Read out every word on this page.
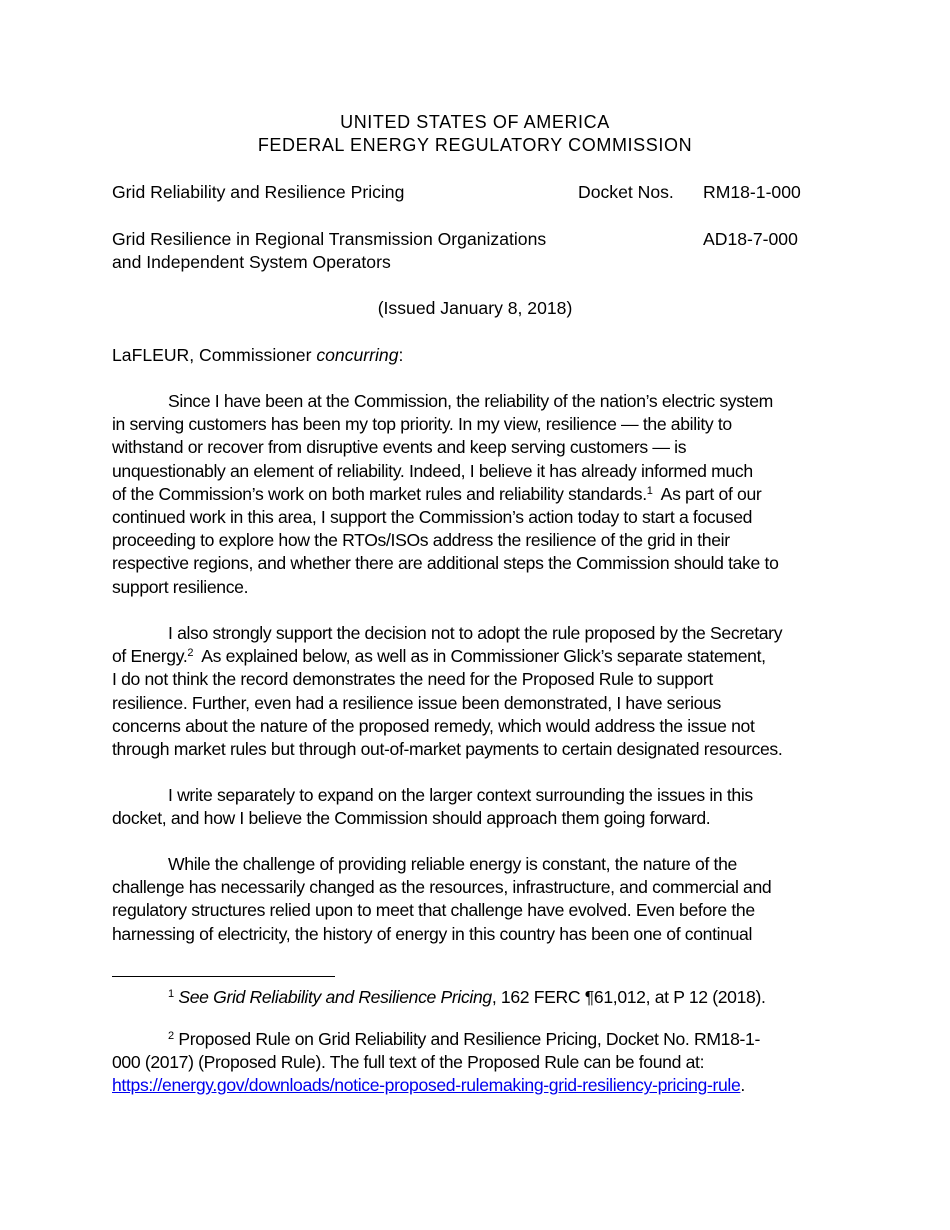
UNITED STATES OF AMERICA
FEDERAL ENERGY REGULATORY COMMISSION
Grid Reliability and Resilience Pricing	Docket Nos. RM18-1-000
Grid Resilience in Regional Transmission Organizations
and Independent System Operators
AD18-7-000
(Issued January 8, 2018)
LaFLEUR, Commissioner concurring:
Since I have been at the Commission, the reliability of the nation’s electric system
in serving customers has been my top priority. In my view, resilience — the ability to
withstand or recover from disruptive events and keep serving customers — is
unquestionably an element of reliability. Indeed, I believe it has already informed much
of the Commission’s work on both market rules and reliability standards.$^1$  As part of our
continued work in this area, I support the Commission’s action today to start a focused
proceeding to explore how the RTOs/ISOs address the resilience of the grid in their
respective regions, and whether there are additional steps the Commission should take to
support resilience.
I also strongly support the decision not to adopt the rule proposed by the Secretary
of Energy.$^2$  As explained below, as well as in Commissioner Glick’s separate statement,
I do not think the record demonstrates the need for the Proposed Rule to support
resilience. Further, even had a resilience issue been demonstrated, I have serious
concerns about the nature of the proposed remedy, which would address the issue not
through market rules but through out-of-market payments to certain designated resources.
I write separately to expand on the larger context surrounding the issues in this
docket, and how I believe the Commission should approach them going forward.
While the challenge of providing reliable energy is constant, the nature of the
challenge has necessarily changed as the resources, infrastructure, and commercial and
regulatory structures relied upon to meet that challenge have evolved. Even before the
harnessing of electricity, the history of energy in this country has been one of continual
$^1$ See Grid Reliability and Resilience Pricing, 162 FERC ¶61,012, at P 12 (2018).
$^2$ Proposed Rule on Grid Reliability and Resilience Pricing, Docket No. RM18-1-
000 (2017) (Proposed Rule). The full text of the Proposed Rule can be found at:
https://energy.gov/downloads/notice-proposed-rulemaking-grid-resiliency-pricing-rule.
